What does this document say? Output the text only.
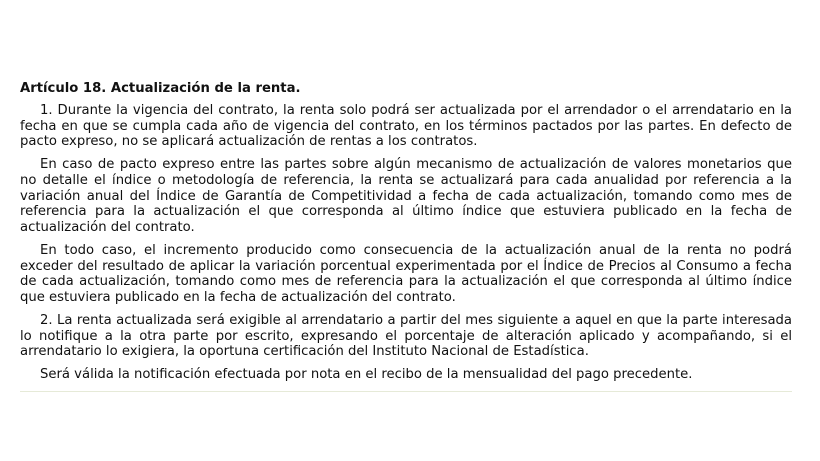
Artículo 18. Actualización de la renta.

1. Durante la vigencia del contrato, la renta solo podrá ser actualizada por el arrendador o el arrendatario en la fecha en que se cumpla cada año de vigencia del contrato, en los términos pactados por las partes. En defecto de pacto expreso, no se aplicará actualización de rentas a los contratos.

En caso de pacto expreso entre las partes sobre algún mecanismo de actualización de valores monetarios que no detalle el índice o metodología de referencia, la renta se actualizará para cada anualidad por referencia a la variación anual del Índice de Garantía de Competitividad a fecha de cada actualización, tomando como mes de referencia para la actualización el que corresponda al último índice que estuviera publicado en la fecha de actualización del contrato.

En todo caso, el incremento producido como consecuencia de la actualización anual de la renta no podrá exceder del resultado de aplicar la variación porcentual experimentada por el Índice de Precios al Consumo a fecha de cada actualización, tomando como mes de referencia para la actualización el que corresponda al último índice que estuviera publicado en la fecha de actualización del contrato.

2. La renta actualizada será exigible al arrendatario a partir del mes siguiente a aquel en que la parte interesada lo notifique a la otra parte por escrito, expresando el porcentaje de alteración aplicado y acompañando, si el arrendatario lo exigiera, la oportuna certificación del Instituto Nacional de Estadística.

Será válida la notificación efectuada por nota en el recibo de la mensualidad del pago precedente.
